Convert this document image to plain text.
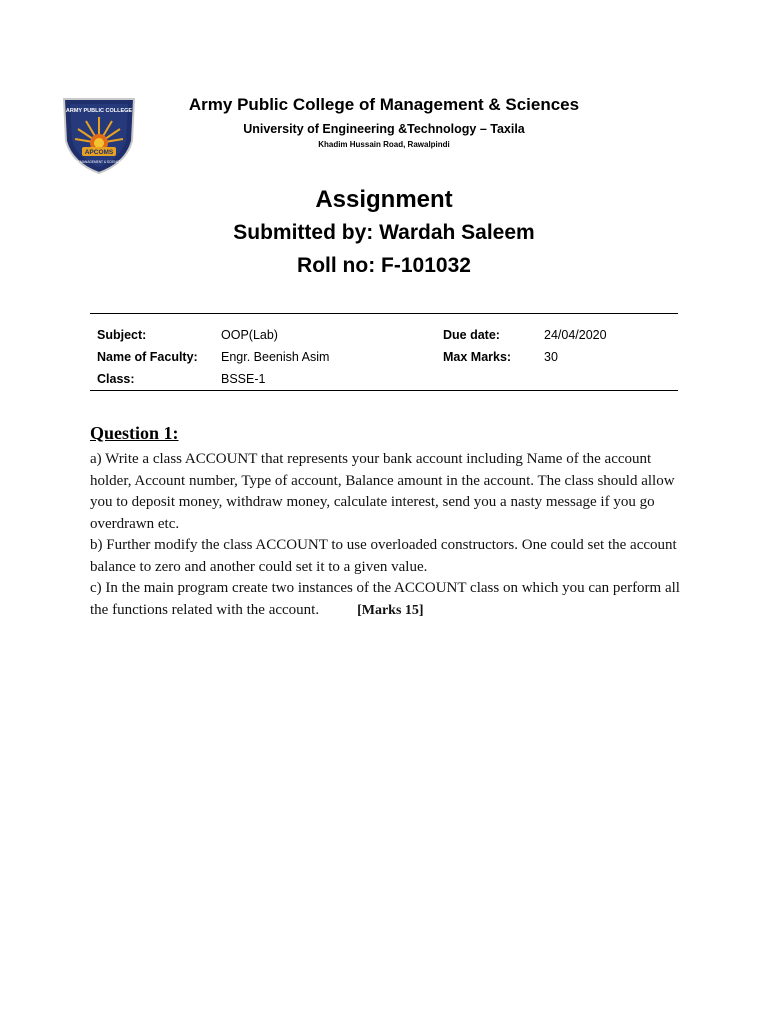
APCOMS
ARMY PUBLIC COLLEGE
OF MANAGEMENT & SCIENCES
Army Public College of Management & Sciences
University of Engineering &Technology – Taxila
Khadim Hussain Road, Rawalpindi
Assignment
Submitted by: Wardah Saleem
Roll no: F-101032
Subject:	OOP(Lab)	Due date:	24/04/2020
Name of Faculty: Engr. Beenish Asim	Max Marks:	30
Class:	BSSE-1
Question 1:

a) Write a class ACCOUNT that represents your bank account including Name of the account holder, Account number, Type of account, Balance amount in the account. The class should allow you to deposit money, withdraw money, calculate interest, send you a nasty message if you go overdrawn etc.

b) Further modify the class ACCOUNT to use overloaded constructors. One could set the account balance to zero and another could set it to a given value.

c) In the main program create two instances of the ACCOUNT class on which you can perform all the functions related with the account.	[Marks 15]
